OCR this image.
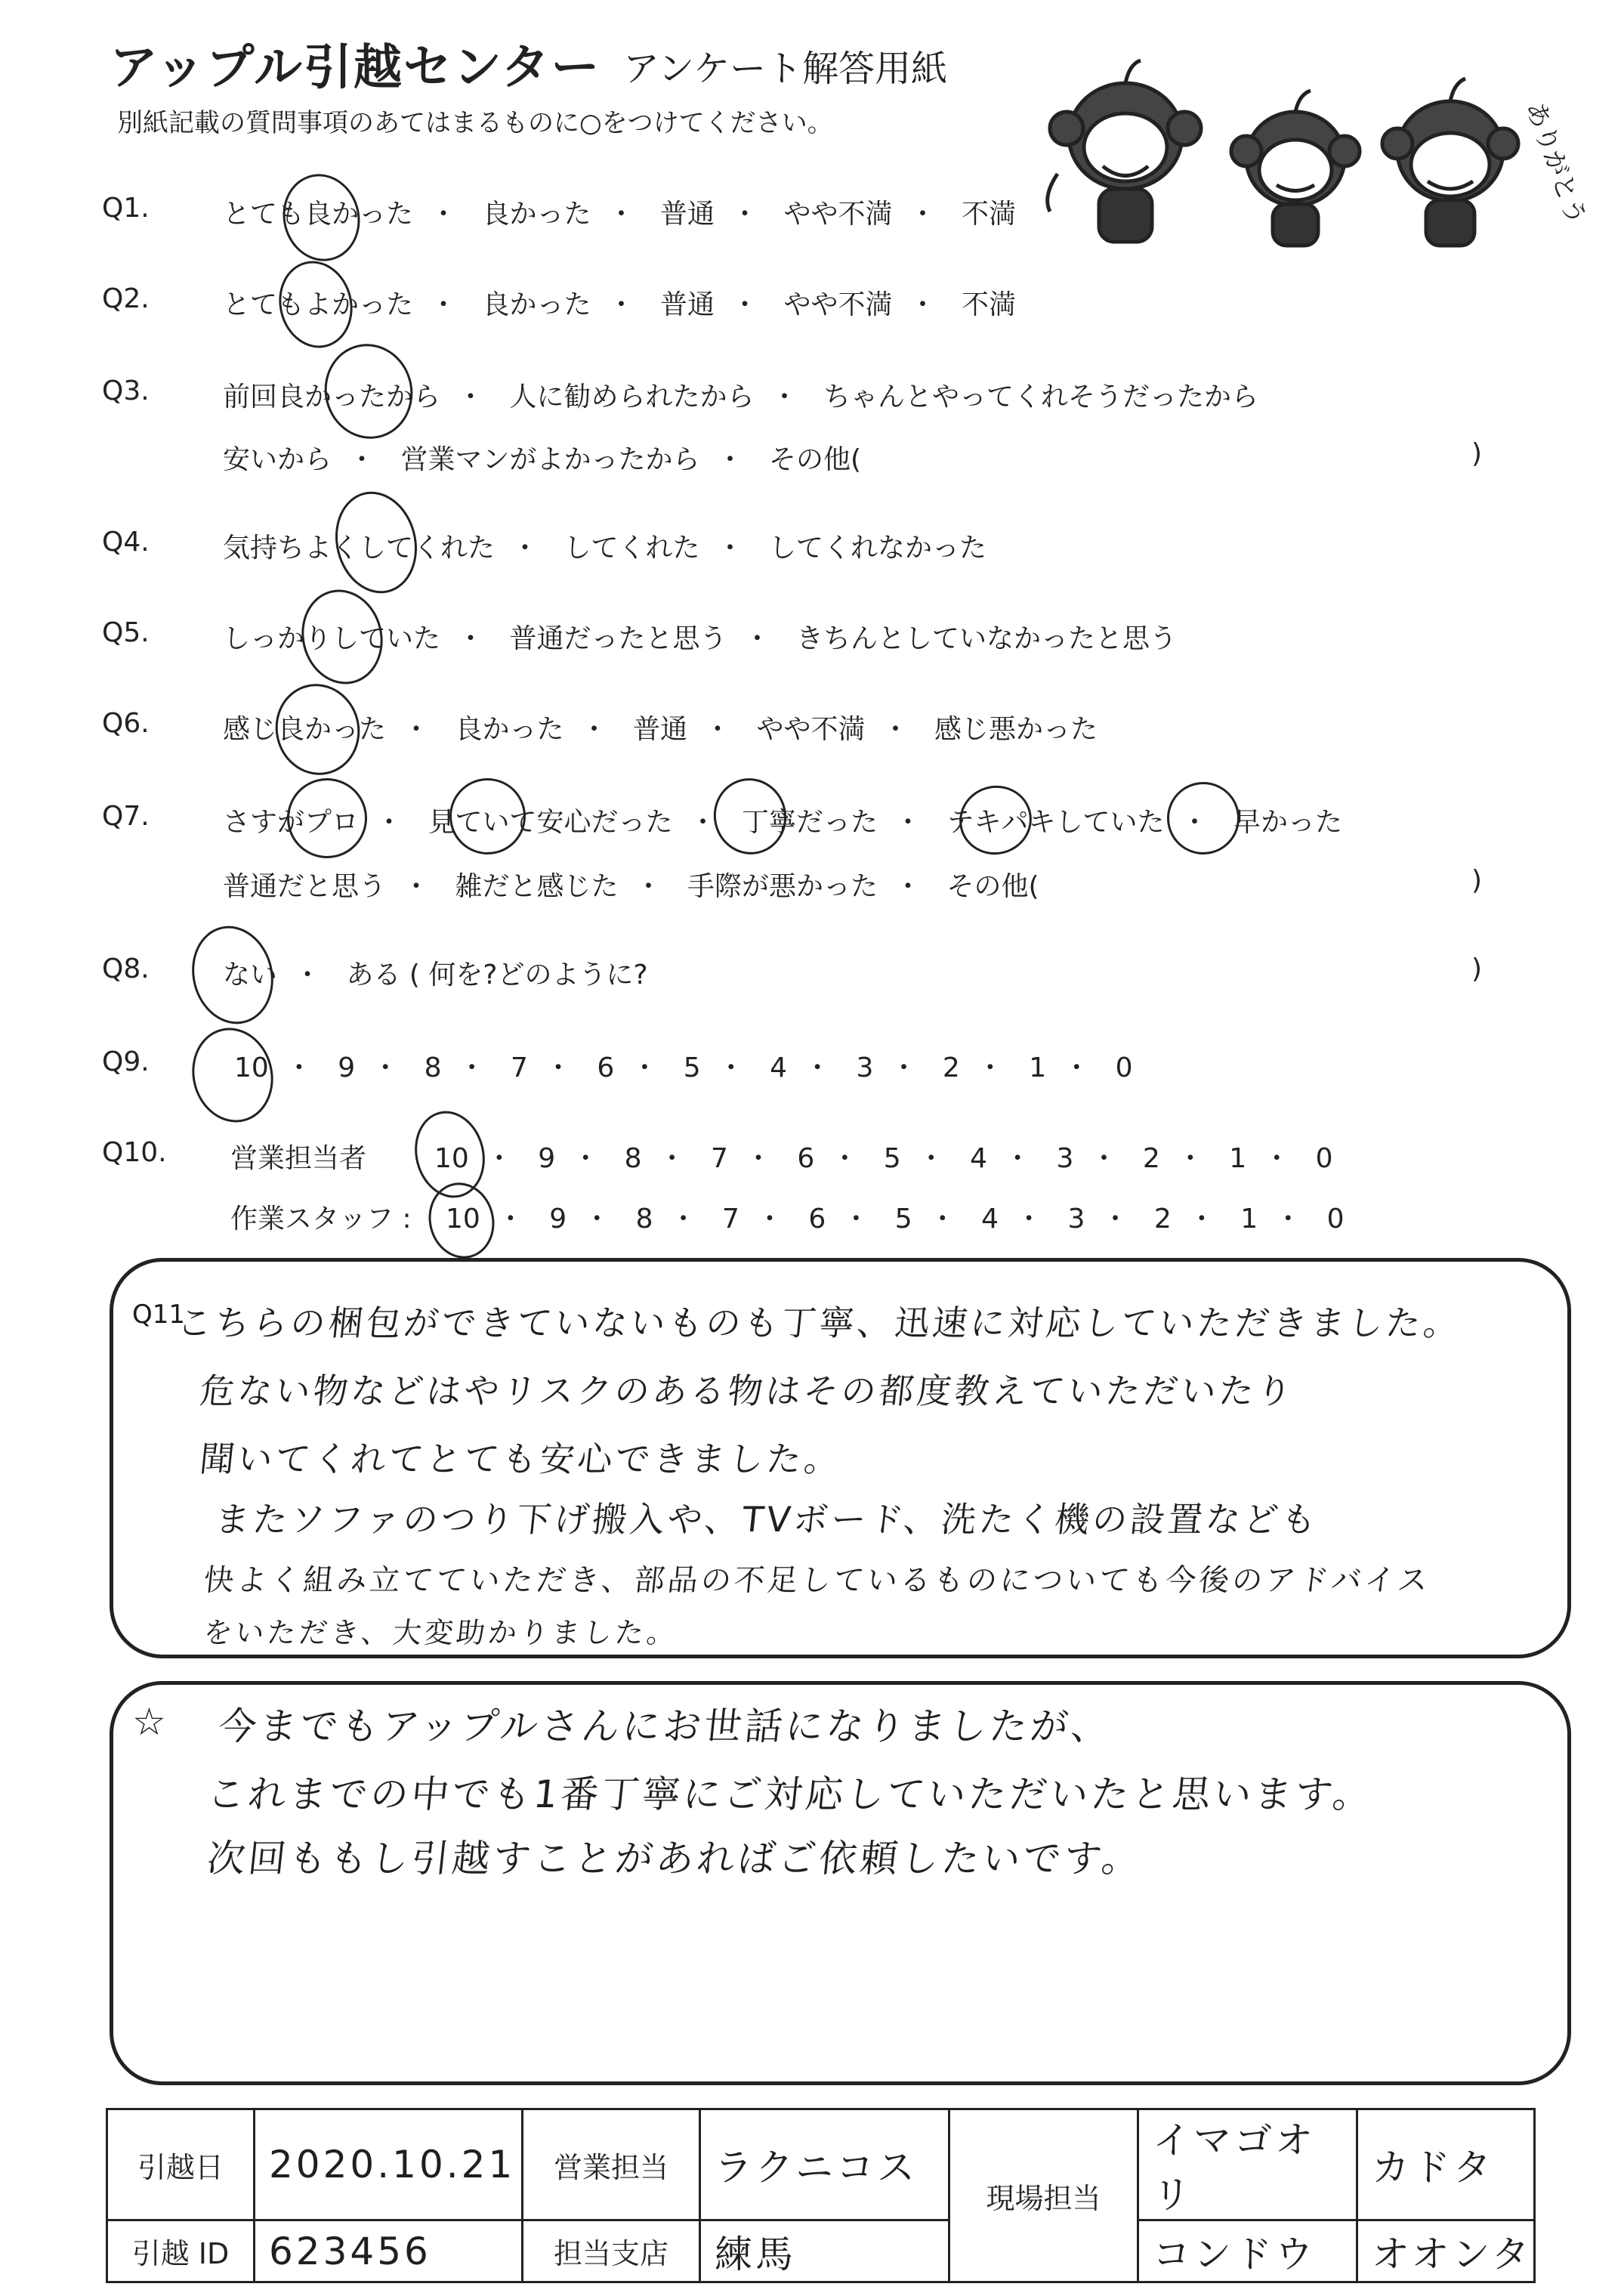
アップル引越センター アンケート解答用紙
別紙記載の質問事項のあてはまるものに○をつけてください。	ありがとう
Q1.	とても良かった ・ 良かった ・ 普通 ・ やや不満 ・ 不満
Q2.	とてもよかった ・ 良かった ・ 普通 ・ やや不満 ・ 不満
Q3.	前回良かったから ・ 人に勧められたから ・ ちゃんとやってくれそうだったから
安いから ・ 営業マンがよかったから ・ その他(	)
Q4.	気持ちよくしてくれた ・ してくれた ・ してくれなかった
Q5.	しっかりしていた ・ 普通だったと思う ・ きちんとしていなかったと思う
Q6.	感じ良かった ・ 良かった ・ 普通 ・ やや不満 ・ 感じ悪かった
Q7.	さすがプロ ・ 見ていて安心だった ・ 丁寧だった ・ テキパキしていた ・ 早かった
普通だと思う ・ 雑だと感じた ・ 手際が悪かった ・ その他(	)
Q8.	ない ・ ある ( 何を?どのように?	)
Q9.	10 ・ 9 ・ 8 ・ 7 ・ 6 ・ 5 ・ 4 ・ 3 ・ 2 ・ 1 ・ 0
Q10. 営業担当者 10 ・ 9 ・ 8 ・ 7 ・ 6 ・ 5 ・ 4 ・ 3 ・ 2 ・ 1 ・ 0
作業スタッフ : 10 ・ 9 ・ 8 ・ 7 ・ 6 ・ 5 ・ 4 ・ 3 ・ 2 ・ 1 ・ 0
Q11
こちらの梱包ができていないものも丁寧、迅速に対応していただきました。
危ない物などはやリスクのある物はその都度教えていただいたり
聞いてくれてとても安心できました。
またソファのつり下げ搬入や、TVボード、洗たく機の設置なども
快よく組み立てていただき、部品の不足しているものについても今後のアドバイス
をいただき、大変助かりました。
☆ 今までもアップルさんにお世話になりましたが、
これまでの中でも1番丁寧にご対応していただいたと思います。
次回ももし引越すことがあればご依頼したいです。
引越日	2020.10.21	営業担当	ラクニコス	現場担当	イマゴオリ	カドタ
引越 ID	623456	担当支店	練馬		コンドウ	オオンタ
